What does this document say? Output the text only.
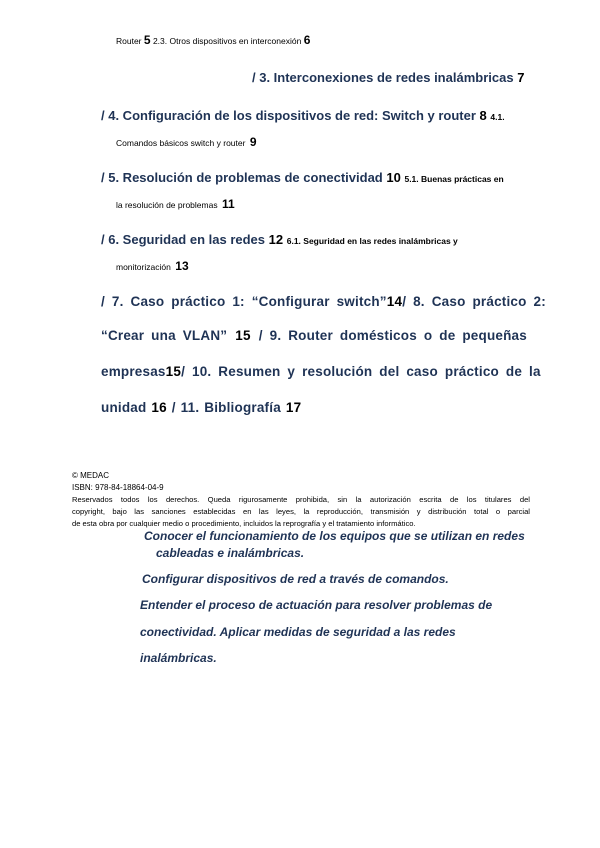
Router 5 2.3. Otros dispositivos en interconexión 6
/ 3. Interconexiones de redes inalámbricas 7
/ 4. Configuración de los dispositivos de red: Switch y router 8 4.1.
Comandos básicos switch y router 9
/ 5. Resolución de problemas de conectividad 10 5.1. Buenas prácticas en
la resolución de problemas 11
/ 6. Seguridad en las redes 12 6.1. Seguridad en las redes inalámbricas y
monitorización 13
/ 7. Caso práctico 1: “Configurar switch” 14 / 8. Caso práctico 2:
“Crear una VLAN” 15 / 9. Router domésticos o de pequeñas
empresas 15 / 10. Resumen y resolución del caso práctico de la
unidad 16 / 11. Bibliografía 17
© MEDAC
ISBN: 978-84-18864-04-9
Reservados todos los derechos. Queda rigurosamente prohibida, sin la autorización escrita de los titulares del
copyright, bajo las sanciones establecidas en las leyes, la reproducción, transmisión y distribución total o parcial
de esta obra por cualquier medio o procedimiento, incluidos la reprografía y el tratamiento informático.
Conocer el funcionamiento de los equipos que se utilizan en redes
cableadas e inalámbricas.
Configurar dispositivos de red a través de comandos.
Entender el proceso de actuación para resolver problemas de
conectividad. Aplicar medidas de seguridad a las redes
inalámbricas.
